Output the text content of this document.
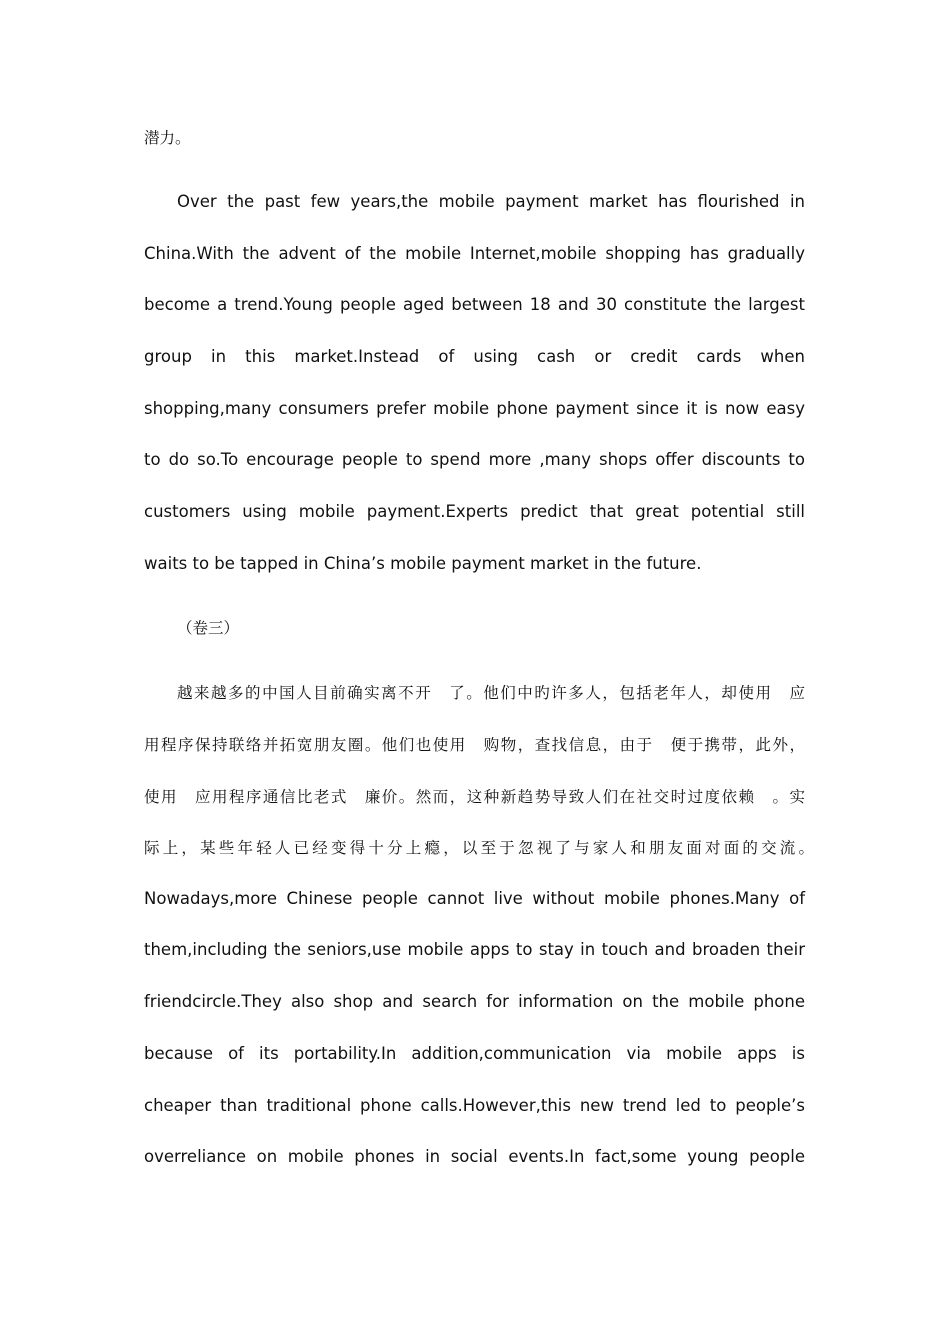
潜力。
Over the past few years,the mobile payment market has flourished in
China.With the advent of the mobile Internet,mobile shopping has gradually
become a trend.Young people aged between 18 and 30 constitute the largest
group in this market.Instead of using cash or credit cards when
shopping,many consumers prefer mobile phone payment since it is now easy
to do so.To encourage people to spend more ,many shops offer discounts to
customers using mobile payment.Experts predict that great potential still
waits to be tapped in China’s mobile payment market in the future.
（卷三）
越来越多的中国人目前确实离不开　了。他们中旳许多人，包括老年人，却使用　应
用程序保持联络并拓宽朋友圈。他们也使用　购物，查找信息，由于　便于携带，此外，
使用　应用程序通信比老式　廉价。然而，这种新趋势导致人们在社交时过度依赖　。实
际上，某些年轻人已经变得十分上瘾，以至于忽视了与家人和朋友面对面的交流。
Nowadays,more Chinese people cannot live without mobile phones.Many of
them,including the seniors,use mobile apps to stay in touch and broaden their
friendcircle.They also shop and search for information on the mobile phone
because of its portability.In addition,communication via mobile apps is
cheaper than traditional phone calls.However,this new trend led to people’s
overreliance on mobile phones in social events.In fact,some young people
